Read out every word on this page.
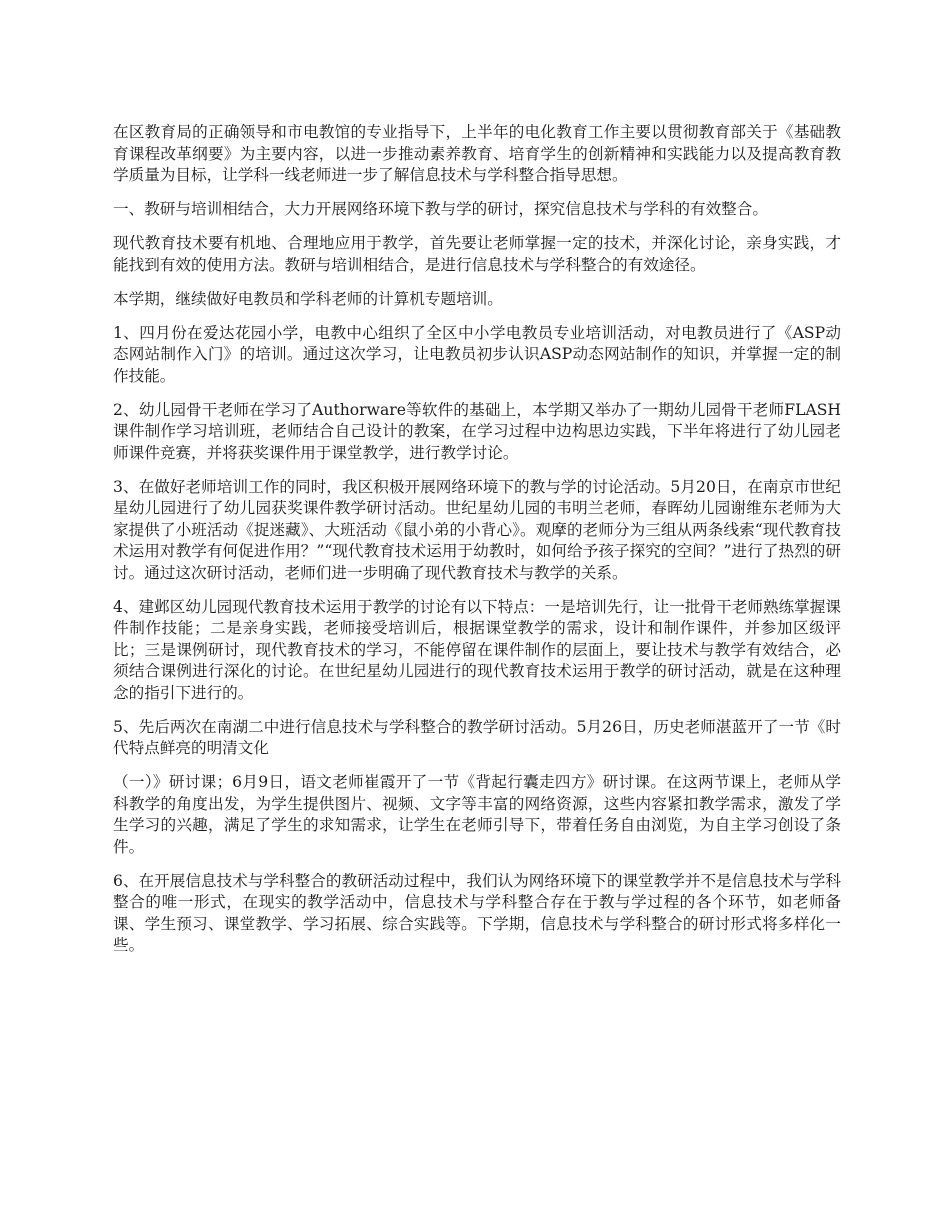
在区教育局的正确领导和市电教馆的专业指导下，上半年的电化教育工作主要以贯彻教育部关于《基础教育课程改革纲要》为主要内容，以进一步推动素养教育、培育学生的创新精神和实践能力以及提高教育教学质量为目标，让学科一线老师进一步了解信息技术与学科整合指导思想。

一、教研与培训相结合，大力开展网络环境下教与学的研讨，探究信息技术与学科的有效整合。

现代教育技术要有机地、合理地应用于教学，首先要让老师掌握一定的技术，并深化讨论，亲身实践，才能找到有效的使用方法。教研与培训相结合，是进行信息技术与学科整合的有效途径。

本学期，继续做好电教员和学科老师的计算机专题培训。

1、四月份在爱达花园小学，电教中心组织了全区中小学电教员专业培训活动，对电教员进行了《ASP动态网站制作入门》的培训。通过这次学习，让电教员初步认识ASP动态网站制作的知识，并掌握一定的制作技能。

2、幼儿园骨干老师在学习了Authorware等软件的基础上，本学期又举办了一期幼儿园骨干老师FLASH课件制作学习培训班，老师结合自己设计的教案，在学习过程中边构思边实践，下半年将进行了幼儿园老师课件竞赛，并将获奖课件用于课堂教学，进行教学讨论。

3、在做好老师培训工作的同时，我区积极开展网络环境下的教与学的讨论活动。5月20日，在南京市世纪星幼儿园进行了幼儿园获奖课件教学研讨活动。世纪星幼儿园的韦明兰老师，春晖幼儿园谢维东老师为大家提供了小班活动《捉迷藏》、大班活动《鼠小弟的小背心》。观摩的老师分为三组从两条线索“现代教育技术运用对教学有何促进作用？”“现代教育技术运用于幼教时，如何给予孩子探究的空间？”进行了热烈的研讨。通过这次研讨活动，老师们进一步明确了现代教育技术与教学的关系。

4、建邺区幼儿园现代教育技术运用于教学的讨论有以下特点：一是培训先行，让一批骨干老师熟练掌握课件制作技能；二是亲身实践，老师接受培训后，根据课堂教学的需求，设计和制作课件，并参加区级评比；三是课例研讨，现代教育技术的学习，不能停留在课件制作的层面上，要让技术与教学有效结合，必须结合课例进行深化的讨论。在世纪星幼儿园进行的现代教育技术运用于教学的研讨活动，就是在这种理念的指引下进行的。

5、先后两次在南湖二中进行信息技术与学科整合的教学研讨活动。5月26日，历史老师湛蓝开了一节《时代特点鲜亮的明清文化

（一）》研讨课；6月9日，语文老师崔霞开了一节《背起行囊走四方》研讨课。在这两节课上，老师从学科教学的角度出发，为学生提供图片、视频、文字等丰富的网络资源，这些内容紧扣教学需求，激发了学生学习的兴趣，满足了学生的求知需求，让学生在老师引导下，带着任务自由浏览，为自主学习创设了条件。

6、在开展信息技术与学科整合的教研活动过程中，我们认为网络环境下的课堂教学并不是信息技术与学科整合的唯一形式，在现实的教学活动中，信息技术与学科整合存在于教与学过程的各个环节，如老师备课、学生预习、课堂教学、学习拓展、综合实践等。下学期，信息技术与学科整合的研讨形式将多样化一些。
